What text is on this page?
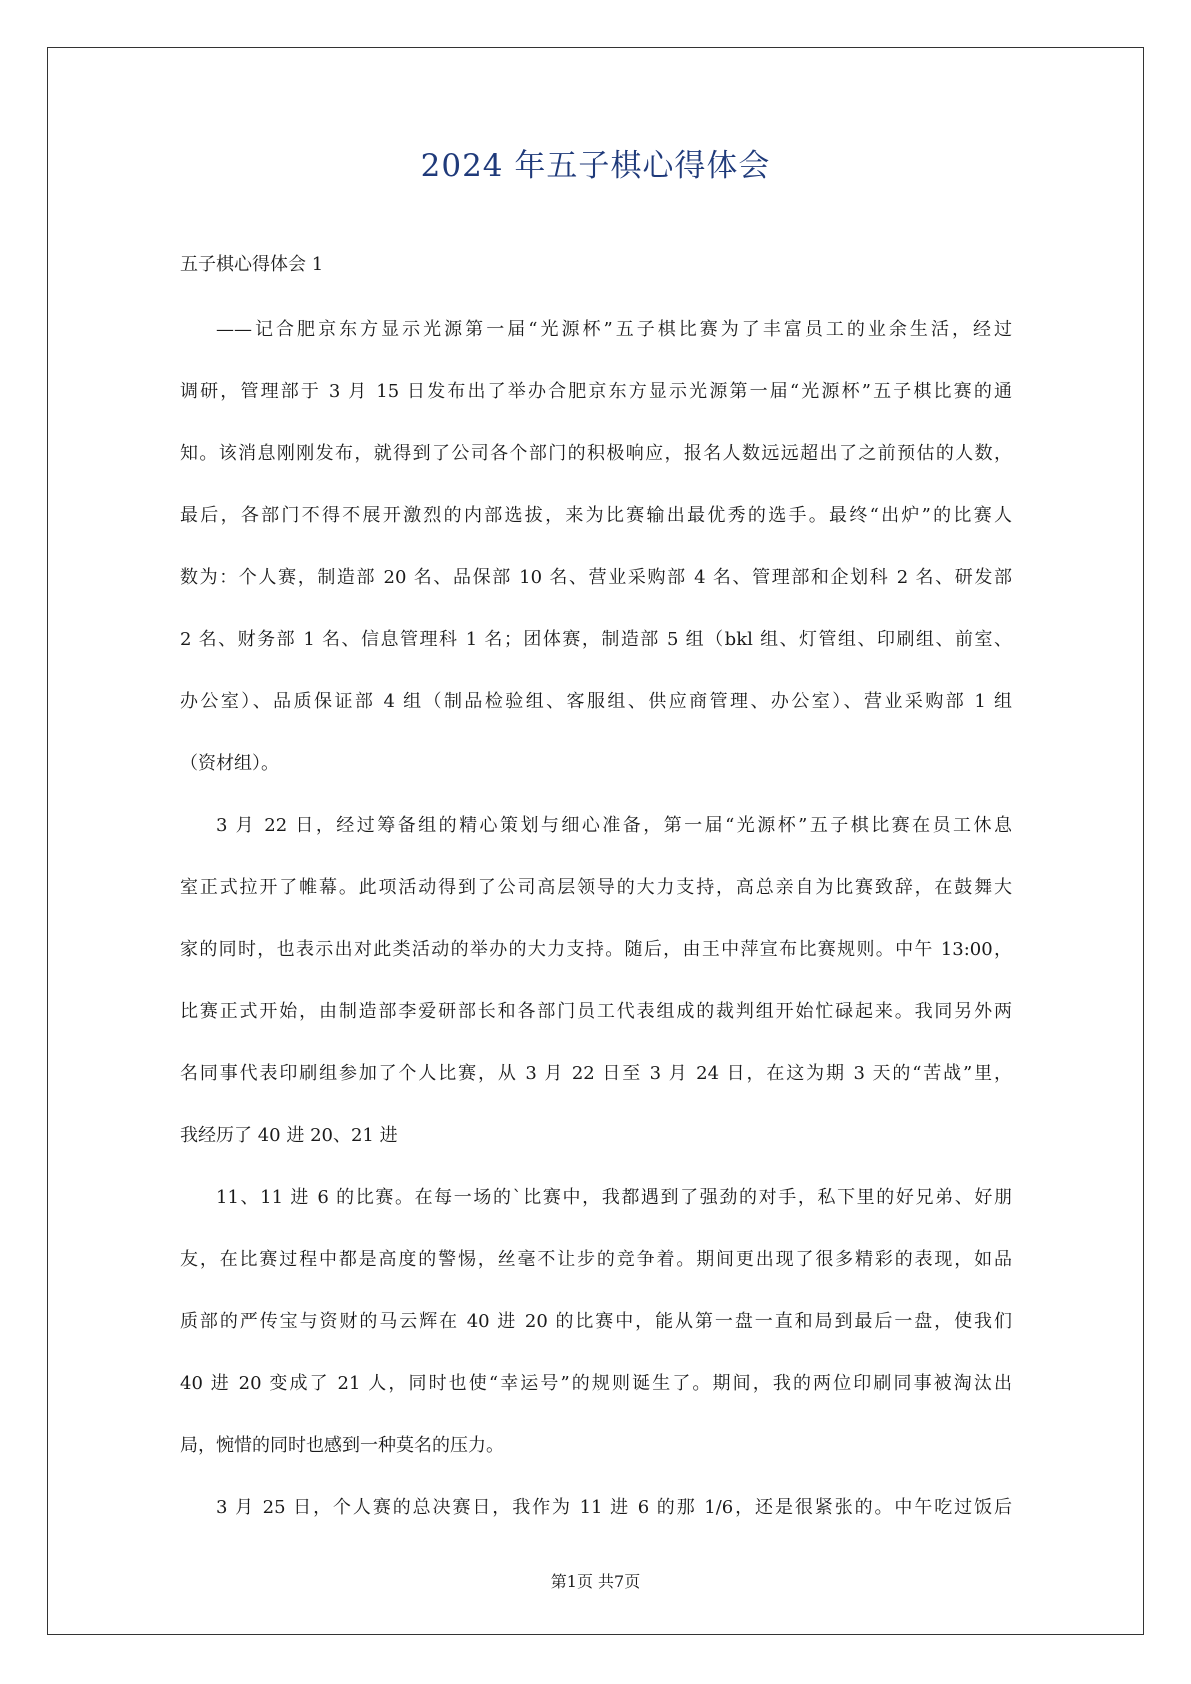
2024 年五子棋心得体会
五子棋心得体会 1
——记合肥京东方显示光源第一届“光源杯”五子棋比赛为了丰富员工的业余生活，经过
调研，管理部于 3 月 15 日发布出了举办合肥京东方显示光源第一届“光源杯”五子棋比赛的通
知。该消息刚刚发布，就得到了公司各个部门的积极响应，报名人数远远超出了之前预估的人数，
最后，各部门不得不展开激烈的内部选拔，来为比赛输出最优秀的选手。最终“出炉”的比赛人
数为：个人赛，制造部 20 名、品保部 10 名、营业采购部 4 名、管理部和企划科 2 名、研发部
2 名、财务部 1 名、信息管理科 1 名；团体赛，制造部 5 组（bkl 组、灯管组、印刷组、前室、
办公室）、品质保证部 4 组（制品检验组、客服组、供应商管理、办公室）、营业采购部 1 组
（资材组）。
3 月 22 日，经过筹备组的精心策划与细心准备，第一届“光源杯”五子棋比赛在员工休息
室正式拉开了帷幕。此项活动得到了公司高层领导的大力支持，高总亲自为比赛致辞，在鼓舞大
家的同时，也表示出对此类活动的举办的大力支持。随后，由王中萍宣布比赛规则。中午 13:00，
比赛正式开始，由制造部李爱研部长和各部门员工代表组成的裁判组开始忙碌起来。我同另外两
名同事代表印刷组参加了个人比赛，从 3 月 22 日至 3 月 24 日，在这为期 3 天的“苦战”里，
我经历了 40 进 20、21 进
11、11 进 6 的比赛。在每一场的`比赛中，我都遇到了强劲的对手，私下里的好兄弟、好朋
友，在比赛过程中都是高度的警惕，丝毫不让步的竞争着。期间更出现了很多精彩的表现，如品
质部的严传宝与资财的马云辉在 40 进 20 的比赛中，能从第一盘一直和局到最后一盘，使我们
40 进 20 变成了 21 人，同时也使“幸运号”的规则诞生了。期间，我的两位印刷同事被淘汰出
局，惋惜的同时也感到一种莫名的压力。
3 月 25 日，个人赛的总决赛日，我作为 11 进 6 的那 1/6，还是很紧张的。中午吃过饭后
第1页 共7页
